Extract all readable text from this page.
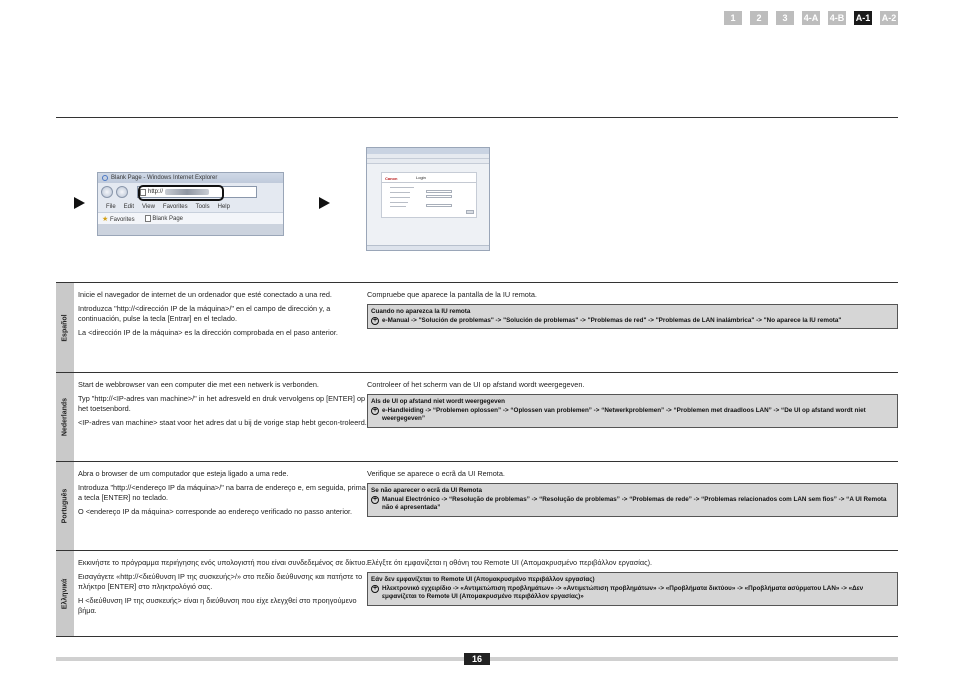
1	2	3	4-A 4-B A-1 A-2
Blank Page - Windows Internet Explorer
http://
File Edit View Favorites Tools Help
★ Favorites	Blank Page
Canon	Login
Español

Inicie el navegador de internet de un ordenador que esté conectado a una red.

Introduzca "http://<dirección IP de la máquina>/" en el campo de dirección y, a continuación, pulse la tecla [Entrar] en el teclado.

La <dirección IP de la máquina> es la dirección comprobada en el paso anterior.

Compruebe que aparece la pantalla de la IU remota.
Cuando no aparezca la IU remota
+ e-Manual -> "Solución de problemas" -> "Solución de problemas" -> "Problemas de red" -> "Problemas de LAN inalámbrica" -> "No aparece la IU remota"
Nederlands

Start de webbrowser van een computer die met een netwerk is verbonden.

Typ "http://<IP-adres van machine>/" in het adresveld en druk vervolgens op [ENTER] op het toetsenbord.

<IP-adres van machine> staat voor het adres dat u bij de vorige stap hebt gecon-troleerd.

Controleer of het scherm van de UI op afstand wordt weergegeven.
Als de UI op afstand niet wordt weergegeven
+ e-Handleiding -> “Problemen oplossen” -> “Oplossen van problemen” -> “Netwerkproblemen” -> “Problemen met draadloos LAN” -> “De UI op afstand wordt niet weergegeven”
Português

Abra o browser de um computador que esteja ligado a uma rede.

Introduza "http://<endereço IP da máquina>/" na barra de endereço e, em seguida, prima a tecla [ENTER] no teclado.

O <endereço IP da máquina> corresponde ao endereço verificado no passo anterior.

Verifique se aparece o ecrã da UI Remota.
Se não aparecer o ecrã da UI Remota
+ Manual Electrónico -> “Resolução de problemas” -> “Resolução de problemas” -> “Problemas de rede” -> “Problemas relacionados com LAN sem fios” -> “A UI Remota não é apresentada”
Ελληνικά

Εκκινήστε το πρόγραμμα περιήγησης ενός υπολογιστή που είναι συνδεδεμένος σε δίκτυο.

Εισαγάγετε «http://<διεύθυνση IP της συσκευής>/» στο πεδίο διεύθυνσης και πατήστε το πλήκτρο [ENTER] στο πληκτρολόγιό σας.

Η <διεύθυνση IP της συσκευής> είναι η διεύθυνση που είχε ελεγχθεί στο προηγούμενο βήμα.

Ελέγξτε ότι εμφανίζεται η οθόνη του Remote UI (Απομακρυσμένο περιβάλλον εργασίας).
Εάν δεν εμφανίζεται το Remote UI (Απομακρυσμένο περιβάλλον εργασίας)
+ Ηλεκτρονικό εγχειρίδιο -> «Αντιμετώπιση προβλημάτων» -> «Αντιμετώπιση προβλημάτων» -> «Προβλήματα δικτύου» -> «Προβλήματα ασύρματου LAN» -> «Δεν εμφανίζεται το Remote UI (Απομακρυσμένο περιβάλλον εργασίας)»
16
